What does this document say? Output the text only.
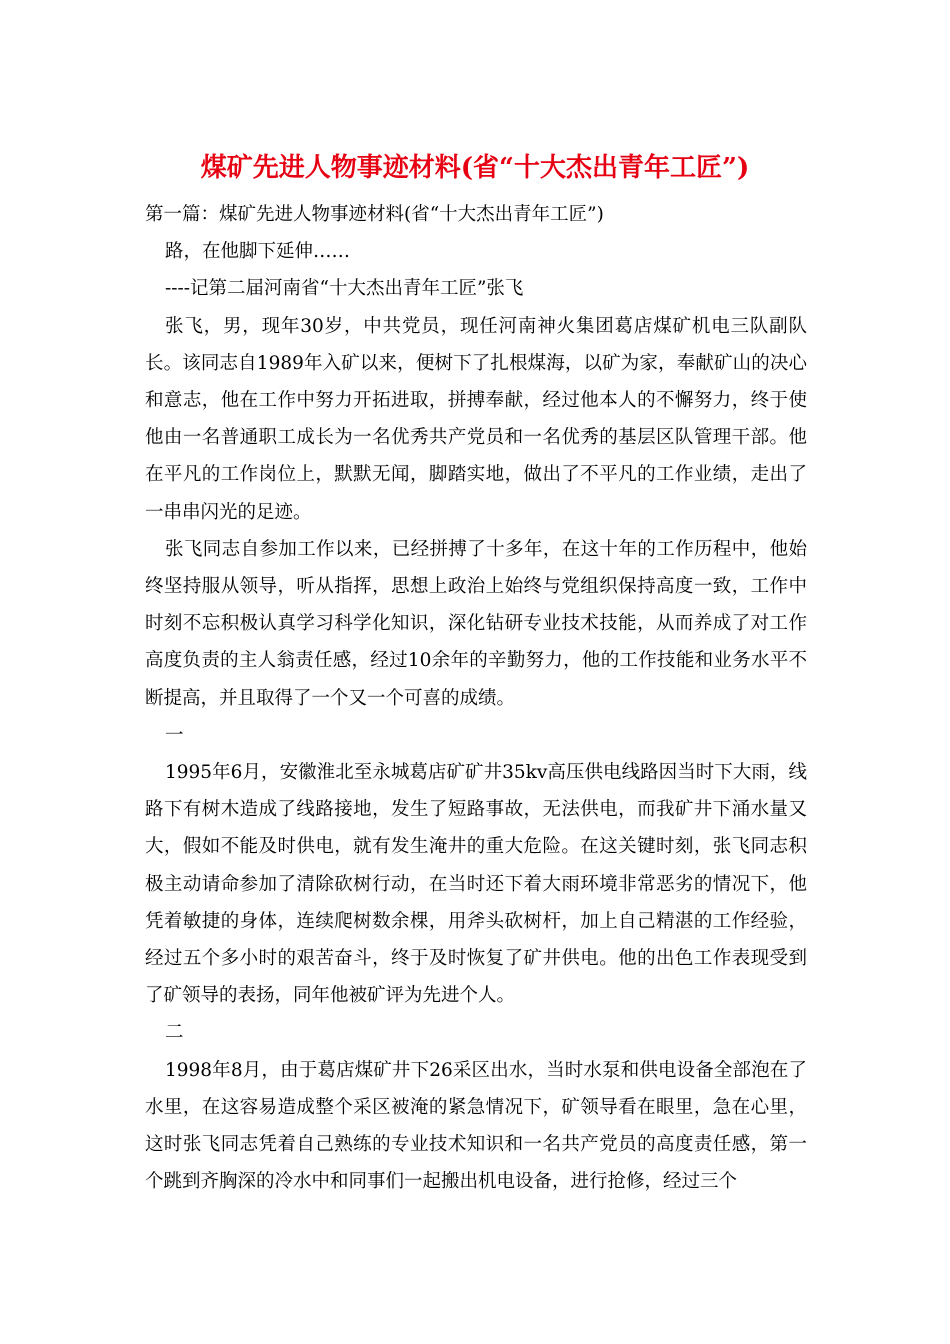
煤矿先进人物事迹材料(省“十大杰出青年工匠”)

第一篇：煤矿先进人物事迹材料(省“十大杰出青年工匠”)

路，在他脚下延伸……

----记第二届河南省“十大杰出青年工匠”张飞

张飞，男，现年30岁，中共党员，现任河南神火集团葛店煤矿机电三队副队长。该同志自1989年入矿以来，便树下了扎根煤海，以矿为家，奉献矿山的决心和意志，他在工作中努力开拓进取，拼搏奉献，经过他本人的不懈努力，终于使他由一名普通职工成长为一名优秀共产党员和一名优秀的基层区队管理干部。他在平凡的工作岗位上，默默无闻，脚踏实地，做出了不平凡的工作业绩，走出了一串串闪光的足迹。

张飞同志自参加工作以来，已经拼搏了十多年，在这十年的工作历程中，他始终坚持服从领导，听从指挥，思想上政治上始终与党组织保持高度一致，工作中时刻不忘积极认真学习科学化知识，深化钻研专业技术技能，从而养成了对工作高度负责的主人翁责任感，经过10余年的辛勤努力，他的工作技能和业务水平不断提高，并且取得了一个又一个可喜的成绩。

一

1995年6月，安徽淮北至永城葛店矿矿井35kv高压供电线路因当时下大雨，线路下有树木造成了线路接地，发生了短路事故，无法供电，而我矿井下涌水量又大，假如不能及时供电，就有发生淹井的重大危险。在这关键时刻，张飞同志积极主动请命参加了清除砍树行动，在当时还下着大雨环境非常恶劣的情况下，他凭着敏捷的身体，连续爬树数余棵，用斧头砍树杆，加上自己精湛的工作经验，经过五个多小时的艰苦奋斗，终于及时恢复了矿井供电。他的出色工作表现受到了矿领导的表扬，同年他被矿评为先进个人。

二

1998年8月，由于葛店煤矿井下26采区出水，当时水泵和供电设备全部泡在了水里，在这容易造成整个采区被淹的紧急情况下，矿领导看在眼里，急在心里，这时张飞同志凭着自己熟练的专业技术知识和一名共产党员的高度责任感，第一个跳到齐胸深的冷水中和同事们一起搬出机电设备，进行抢修，经过三个
